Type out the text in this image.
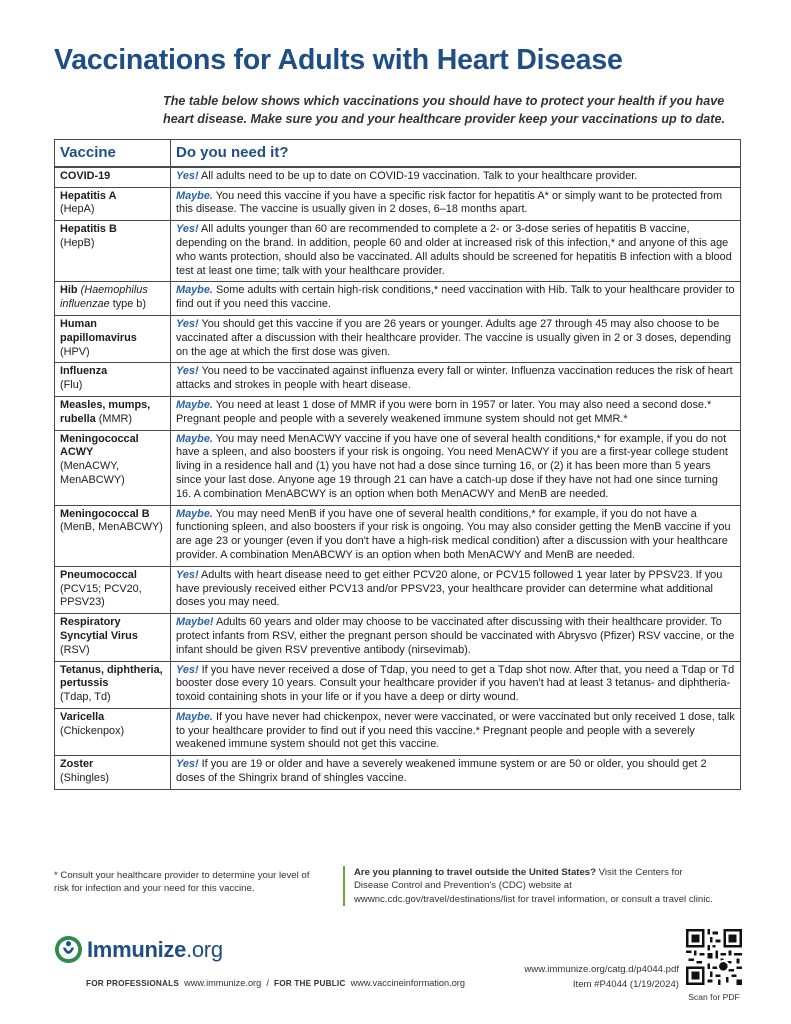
Vaccinations for Adults with Heart Disease
The table below shows which vaccinations you should have to protect your health if you have heart disease. Make sure you and your healthcare provider keep your vaccinations up to date.
Vaccine	Do you need it?

COVID-19	Yes! All adults need to be up to date on COVID-19 vaccination. Talk to your healthcare provider.

Hepatitis A
(HepA)	Maybe. You need this vaccine if you have a specific risk factor for hepatitis A* or simply want to be protected from this disease. The vaccine is usually given in 2 doses, 6–18 months apart.

Hepatitis B
(HepB)	Yes! All adults younger than 60 are recommended to complete a 2- or 3-dose series of hepatitis B vaccine, depending on the brand. In addition, people 60 and older at increased risk of this infection,* and anyone of this age who wants protection, should also be vaccinated. All adults should be screened for hepatitis B infection with a blood test at least one time; talk with your healthcare provider.
Hib (Haemophilus
influenzae type b)	Maybe. Some adults with certain high-risk conditions,* need vaccination with Hib. Talk to your healthcare provider to find out if you need this vaccine.

Human papillomavirus
(HPV)	Yes! You should get this vaccine if you are 26 years or younger. Adults age 27 through 45 may also choose to be vaccinated after a discussion with their healthcare provider. The vaccine is usually given in 2 or 3 doses, depending on the age at which the first dose was given.

Influenza
(Flu)	Yes! You need to be vaccinated against influenza every fall or winter. Influenza vaccination reduces the risk of heart attacks and strokes in people with heart disease.
Measles, mumps, rubella (MMR)	Maybe. You need at least 1 dose of MMR if you were born in 1957 or later. You may also need a second dose.* Pregnant people and people with a severely weakened immune system should not get MMR.*

Meningococcal ACWY
(MenACWY, MenABCWY)	Maybe. You may need MenACWY vaccine if you have one of several health conditions,* for example, if you do not have a spleen, and also boosters if your risk is ongoing. You need MenACWY if you are a first-year college student living in a residence hall and (1) you have not had a dose since turning 16, or (2) it has been more than 5 years since your last dose. Anyone age 19 through 21 can have a catch-up dose if they have not had one since turning 16. A combination MenABCWY is an option when both MenACWY and MenB are needed.

Meningococcal B
(MenB, MenABCWY)	Maybe. You may need MenB if you have one of several health conditions,* for example, if you do not have a functioning spleen, and also boosters if your risk is ongoing. You may also consider getting the MenB vaccine if you are age 23 or younger (even if you don't have a high-risk medical condition) after a discussion with your healthcare provider. A combination MenABCWY is an option when both MenACWY and MenB are needed.

Pneumococcal
(PCV15; PCV20, PPSV23)	Yes! Adults with heart disease need to get either PCV20 alone, or PCV15 followed 1 year later by PPSV23. If you have previously received either PCV13 and/or PPSV23, your healthcare provider can determine what additional doses you may need.

Respiratory Syncytial Virus
(RSV)	Maybe! Adults 60 years and older may choose to be vaccinated after discussing with their healthcare provider. To protect infants from RSV, either the pregnant person should be vaccinated with Abrysvo (Pfizer) RSV vaccine, or the infant should be given RSV preventive antibody (nirsevimab).

Tetanus, diphtheria, pertussis
(Tdap, Td)	Yes! If you have never received a dose of Tdap, you need to get a Tdap shot now. After that, you need a Tdap or Td booster dose every 10 years. Consult your healthcare provider if you haven't had at least 3 tetanus- and diphtheria-toxoid containing shots in your life or if you have a deep or dirty wound.

Varicella
(Chickenpox)	Maybe. If you have never had chickenpox, never were vaccinated, or were vaccinated but only received 1 dose, talk to your healthcare provider to find out if you need this vaccine.* Pregnant people and people with a severely weakened immune system should not get this vaccine.

Zoster
(Shingles)	Yes! If you are 19 or older and have a severely weakened immune system or are 50 or older, you should get 2 doses of the Shingrix brand of shingles vaccine.
* Consult your healthcare provider to determine your level of risk for infection and your need for this vaccine.
Are you planning to travel outside the United States? Visit the Centers for Disease Control and Prevention's (CDC) website at wwwnc.cdc.gov/travel/destinations/list for travel information, or consult a travel clinic.
Immunize.org
FOR PROFESSIONALS www.immunize.org / FOR THE PUBLIC www.vaccineinformation.org
www.immunize.org/catg.d/p4044.pdf
Item #P4044 (1/19/2024)
Scan for PDF
